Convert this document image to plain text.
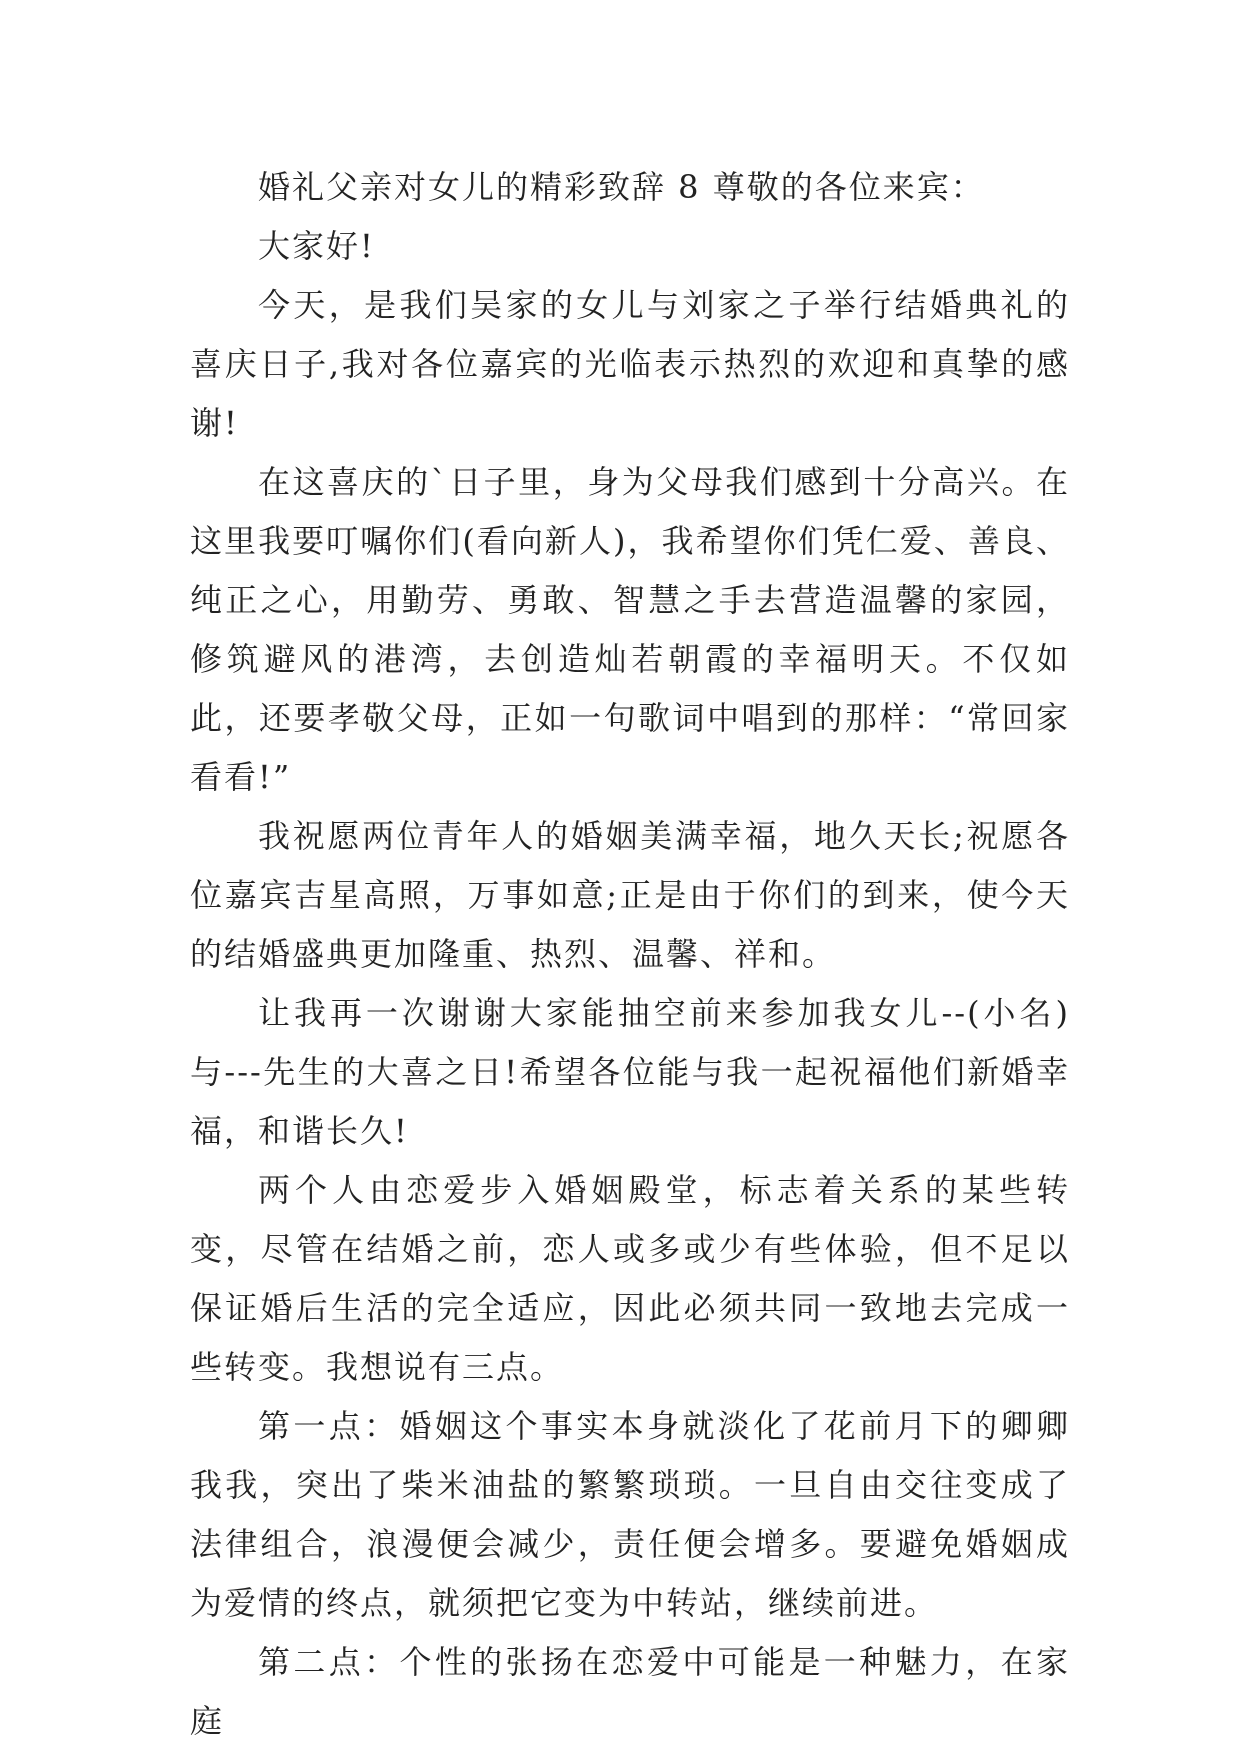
婚礼父亲对女儿的精彩致辞 8 尊敬的各位来宾：

大家好!

今天，是我们吴家的女儿与刘家之子举行结婚典礼的喜庆日子,我对各位嘉宾的光临表示热烈的欢迎和真挚的感谢!

在这喜庆的`日子里，身为父母我们感到十分高兴。在这里我要叮嘱你们(看向新人)，我希望你们凭仁爱、善良、纯正之心，用勤劳、勇敢、智慧之手去营造温馨的家园，修筑避风的港湾，去创造灿若朝霞的幸福明天。不仅如此，还要孝敬父母，正如一句歌词中唱到的那样：“常回家看看!”

我祝愿两位青年人的婚姻美满幸福，地久天长;祝愿各位嘉宾吉星高照，万事如意;正是由于你们的到来，使今天的结婚盛典更加隆重、热烈、温馨、祥和。

让我再一次谢谢大家能抽空前来参加我女儿--(小名)与---先生的大喜之日!希望各位能与我一起祝福他们新婚幸福，和谐长久!

两个人由恋爱步入婚姻殿堂，标志着关系的某些转变，尽管在结婚之前，恋人或多或少有些体验，但不足以保证婚后生活的完全适应，因此必须共同一致地去完成一些转变。我想说有三点。

第一点：婚姻这个事实本身就淡化了花前月下的卿卿我我，突出了柴米油盐的繁繁琐琐。一旦自由交往变成了法律组合，浪漫便会减少，责任便会增多。要避免婚姻成为爱情的终点，就须把它变为中转站，继续前进。

第二点：个性的张扬在恋爱中可能是一种魅力，在家庭
